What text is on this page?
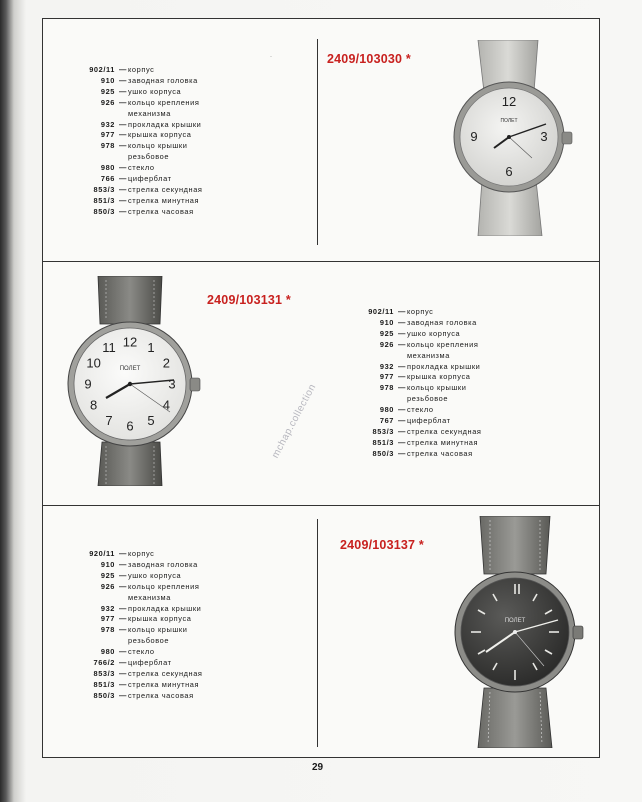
902/11 — корпус
910 — заводная головка
925 — ушко корпуса
926 — кольцо крепления механизма
932 — прокладка крышки
977 — крышка корпуса
978 — кольцо крышки резьбовое
980 — стекло
766 — циферблат
853/3 — стрелка секундная
851/3 — стрелка минутная
850/3 — стрелка часовая
2409/103030 *
·
12
3
6
9
ПОЛЕТ
12 1
2
3
4
5
6
7
8
9
10
11
ПОЛЕТ
2409/103131 *
902/11 — корпус
910 — заводная головка
925 — ушко корпуса
926 — кольцо крепления механизма
932 — прокладка крышки
977 — крышка корпуса
978 — кольцо крышки резьбовое
980 — стекло
767 — циферблат
853/3 — стрелка секундная
851/3 — стрелка минутная
850/3 — стрелка часовая
920/11 — корпус
910 — заводная головка
925 — ушко корпуса
926 — кольцо крепления механизма
932 — прокладка крышки
977 — крышка корпуса
978 — кольцо крышки резьбовое
980 — стекло
766/2 — циферблат
853/3 — стрелка секундная
851/3 — стрелка минутная
850/3 — стрелка часовая
2409/103137 *
ПОЛЕТ
mchap.collection
29
